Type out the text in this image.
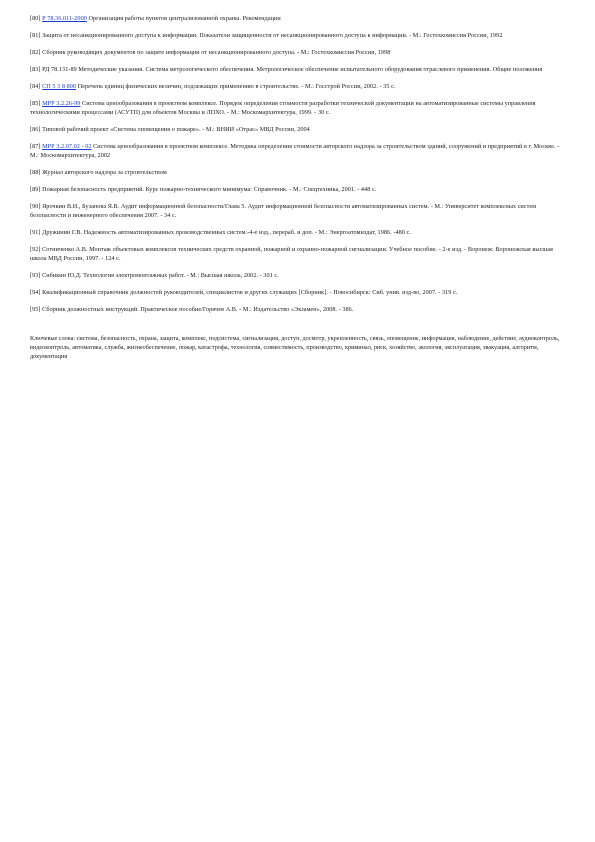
[80] Р 78.36.011-2000 Организация работы пунктов централизованной охраны. Рекомендации

[81] Защита от несанкционированного доступа к информации. Показатели защищенности от несанкционированного доступа к информации. - М.: Гостехкомиссия России, 1992

[82] Сборник руководящих документов по защите информации от несанкционированного доступа. - М.: Гостехкомиссия России, 1998

[83] РД 78.131-89 Методические указания. Система метрологического обеспечения. Метрологическое обеспечение испытательного оборудования отраслевого применения. Общие положения

[84] СП 5 3 8 800 Перечень единиц физических величин, подлежащих применению в строительстве. - М.: Госстрой России, 2002. - 35 с.

[85] МРР 3.2.26-99 Система ценообразования в проектном комплексе. Порядок определения стоимости разработки технической документации на автоматизированные системы управления технологическими процессами (АСУТП) для объектов Москвы и ЛПХО. - М.: Москомархитектура, 1999. - 30 с.

[86] Типовой рабочий проект «Система оповещения о пожаре». - М.: ВНИИ «Отрас» МВД России, 2004

[87] МРР 3.2.07.02 - 02 Система ценообразования в проектном комплексе. Методика определения стоимости авторского надзора за строительством зданий, сооружений и предприятий в г. Москве. - М.: Москомархитектура, 2002

[88] Журнал авторского надзора за строительством

[89] Пожарная безопасность предприятий. Курс пожарно-технического минимума: Справочник. - М.: Спецтехника, 2001. - 448 с.

[90] Ярочкин В.И., Бузанова Я.В. Аудит информационной безопасности/Глава 5. Аудит информационной безопасности автоматизированных систем. - М.: Университет комплексных систем безопасности и инженерного обеспечения 2007. - 34 с.

[91] Дружинин Г.В. Надежность автоматизированных производственных систем.-4-е изд., перераб. и доп. - М.: Энергоатомиздат, 1986. -480 с.

[92] Сотниченко А.В. Монтаж объектовых комплексов технических средств охранной, пожарной и охранно-пожарной сигнализации. Учебное пособие. - 2-е изд. - Воронеж: Воронежская высшая школа МВД России, 1997. - 124 с.

[93] Сибикин Ю.Д. Технология электромонтажных работ. - М.: Высшая школа, 2002. - 301 с.

[94] Квалификационный справочник должностей руководителей, специалистов и других служащих [Сборник]. - Новосибирск: Сиб. унив. изд-во, 2007. - 319 с.

[95] Сборник должностных инструкций. Практическое пособие/Горячев А.В. - М.: Издательство «Экзамен», 2008. - 386.

Ключевые слова: система, безопасность, охрана, защита, комплекс, подсистема, сигнализация, доступ, досмотр, укрепленность, связь, оповещение, информация, наблюдение, действие, аудиоконтроль, видеоконтроль, автоматика, служба, жизнеобеспечение, пожар, катастрофа, технология, совместимость, производство, криминал, риск, хозяйство, экология, эксплуатация, эвакуация, алгоритм, документация
